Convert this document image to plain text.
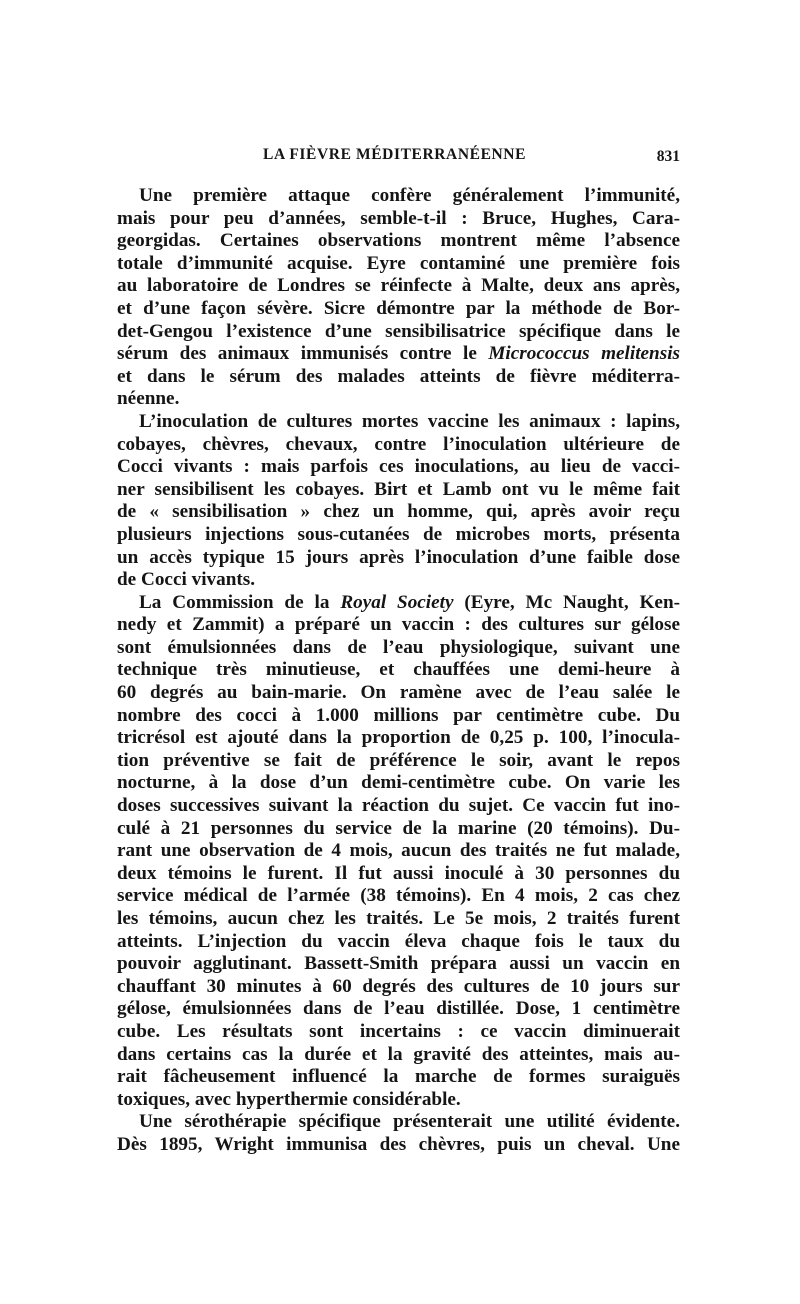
LA FIÈVRE MÉDITERRANÉENNE	831
Une première attaque confère généralement l’immunité,
mais pour peu d’années, semble-t-il : Bruce, Hughes, Cara-
georgidas. Certaines observations montrent même l’absence
totale d’immunité acquise. Eyre contaminé une première fois
au laboratoire de Londres se réinfecte à Malte, deux ans après,
et d’une façon sévère. Sicre démontre par la méthode de Bor-
det-Gengou l’existence d’une sensibilisatrice spécifique dans le
sérum des animaux immunisés contre le Micrococcus melitensis
et dans le sérum des malades atteints de fièvre méditerra-
néenne.
L’inoculation de cultures mortes vaccine les animaux : lapins,
cobayes, chèvres, chevaux, contre l’inoculation ultérieure de
Cocci vivants : mais parfois ces inoculations, au lieu de vacci-
ner sensibilisent les cobayes. Birt et Lamb ont vu le même fait
de « sensibilisation » chez un homme, qui, après avoir reçu
plusieurs injections sous-cutanées de microbes morts, présenta
un accès typique 15 jours après l’inoculation d’une faible dose
de Cocci vivants.
La Commission de la Royal Society (Eyre, Mc Naught, Ken-
nedy et Zammit) a préparé un vaccin : des cultures sur gélose
sont émulsionnées dans de l’eau physiologique, suivant une
technique très minutieuse, et chauffées une demi-heure à
60 degrés au bain-marie. On ramène avec de l’eau salée le
nombre des cocci à 1.000 millions par centimètre cube. Du
tricrésol est ajouté dans la proportion de 0,25 p. 100, l’inocula-
tion préventive se fait de préférence le soir, avant le repos
nocturne, à la dose d’un demi-centimètre cube. On varie les
doses successives suivant la réaction du sujet. Ce vaccin fut ino-
culé à 21 personnes du service de la marine (20 témoins). Du-
rant une observation de 4 mois, aucun des traités ne fut malade,
deux témoins le furent. Il fut aussi inoculé à 30 personnes du
service médical de l’armée (38 témoins). En 4 mois, 2 cas chez
les témoins, aucun chez les traités. Le 5e mois, 2 traités furent
atteints. L’injection du vaccin éleva chaque fois le taux du
pouvoir agglutinant. Bassett-Smith prépara aussi un vaccin en
chauffant 30 minutes à 60 degrés des cultures de 10 jours sur
gélose, émulsionnées dans de l’eau distillée. Dose, 1 centimètre
cube. Les résultats sont incertains : ce vaccin diminuerait
dans certains cas la durée et la gravité des atteintes, mais au-
rait fâcheusement influencé la marche de formes suraiguës
toxiques, avec hyperthermie considérable.
Une sérothérapie spécifique présenterait une utilité évidente.
Dès 1895, Wright immunisa des chèvres, puis un cheval. Une
